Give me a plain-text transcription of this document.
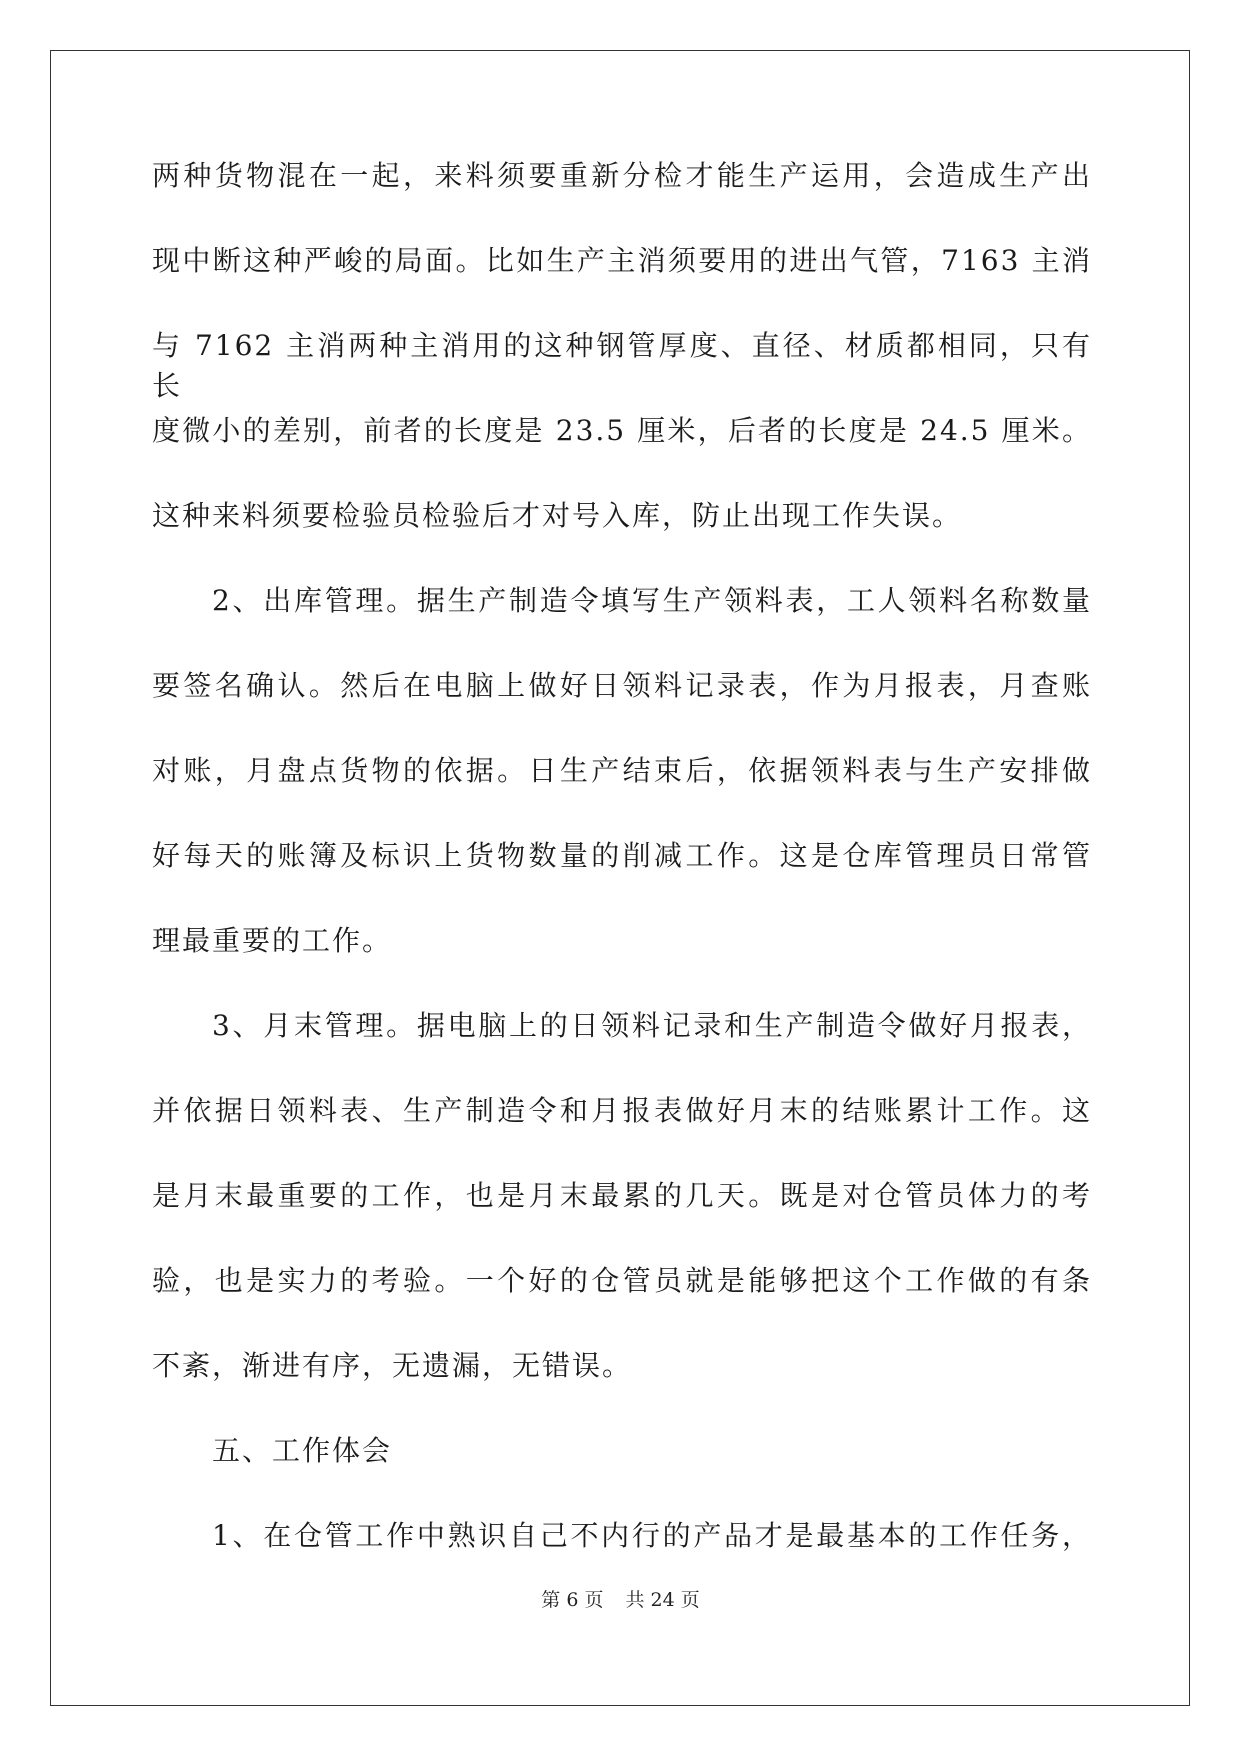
两种货物混在一起，来料须要重新分检才能生产运用，会造成生产出
现中断这种严峻的局面。比如生产主消须要用的进出气管，7163 主消
与 7162 主消两种主消用的这种钢管厚度、直径、材质都相同，只有长
度微小的差别，前者的长度是 23.5 厘米，后者的长度是 24.5 厘米。
这种来料须要检验员检验后才对号入库，防止出现工作失误。
2、出库管理。据生产制造令填写生产领料表，工人领料名称数量
要签名确认。然后在电脑上做好日领料记录表，作为月报表，月查账
对账，月盘点货物的依据。日生产结束后，依据领料表与生产安排做
好每天的账簿及标识上货物数量的削减工作。这是仓库管理员日常管
理最重要的工作。
3、月末管理。据电脑上的日领料记录和生产制造令做好月报表，
并依据日领料表、生产制造令和月报表做好月末的结账累计工作。这
是月末最重要的工作，也是月末最累的几天。既是对仓管员体力的考
验，也是实力的考验。一个好的仓管员就是能够把这个工作做的有条
不紊，渐进有序，无遗漏，无错误。
五、工作体会
1、在仓管工作中熟识自己不内行的产品才是最基本的工作任务，
第 6 页 共 24 页
